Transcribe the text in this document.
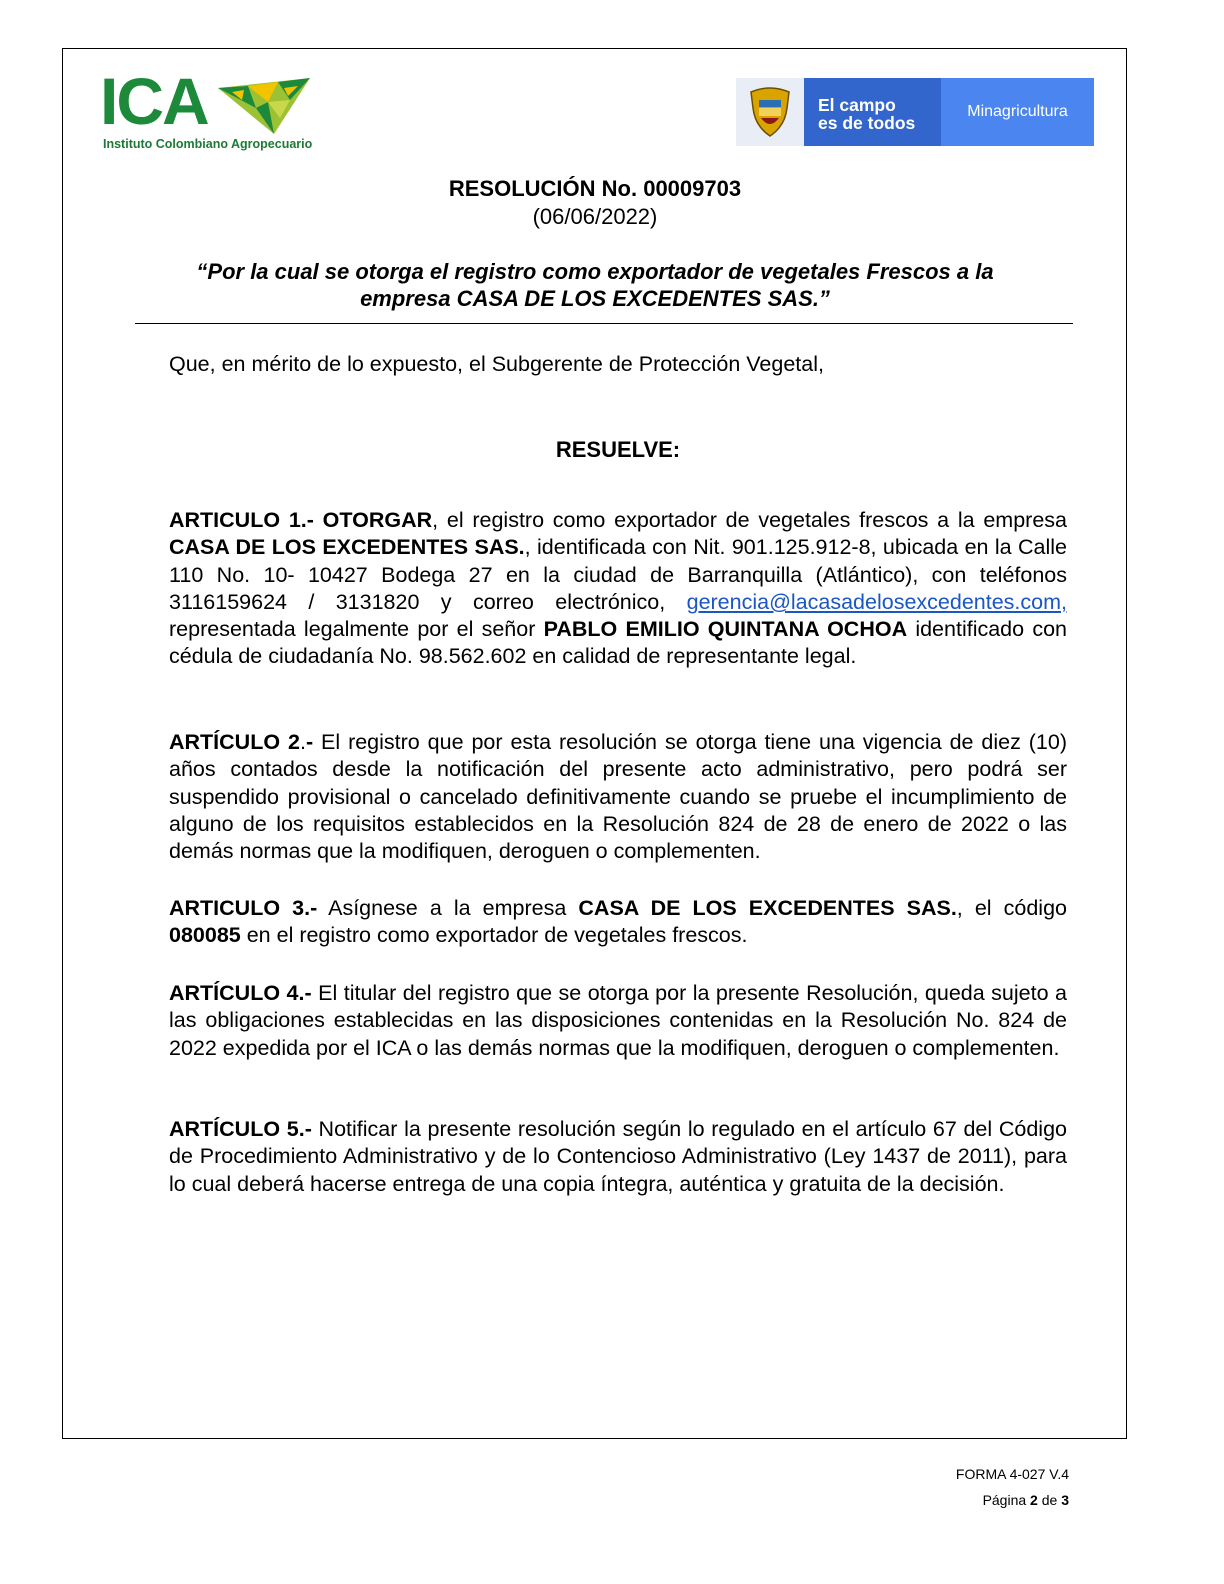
ICA
Instituto Colombiano Agropecuario
El campo
es de todos
Minagricultura
RESOLUCIÓN No. 00009703
(06/06/2022)
“Por la cual se otorga el registro como exportador de vegetales Frescos a la
empresa CASA DE LOS EXCEDENTES SAS.”
Que, en mérito de lo expuesto, el Subgerente de Protección Vegetal,
RESUELVE:
ARTICULO 1.- OTORGAR, el registro como exportador de vegetales frescos a la empresa CASA DE LOS EXCEDENTES SAS., identificada con Nit. 901.125.912-8, ubicada en la Calle 110 No. 10- 10427 Bodega 27 en la ciudad de Barranquilla (Atlántico), con teléfonos 3116159624 / 3131820 y correo electrónico, gerencia@lacasadelosexcedentes.com, representada legalmente por el señor PABLO EMILIO QUINTANA OCHOA identificado con cédula de ciudadanía No. 98.562.602 en calidad de representante legal.
ARTÍCULO 2.- El registro que por esta resolución se otorga tiene una vigencia de diez (10) años contados desde la notificación del presente acto administrativo, pero podrá ser suspendido provisional o cancelado definitivamente cuando se pruebe el incumplimiento de alguno de los requisitos establecidos en la Resolución 824 de 28 de enero de 2022 o las demás normas que la modifiquen, deroguen o complementen.
ARTICULO 3.- Asígnese a la empresa CASA DE LOS EXCEDENTES SAS., el código 080085 en el registro como exportador de vegetales frescos.
ARTÍCULO 4.- El titular del registro que se otorga por la presente Resolución, queda sujeto a las obligaciones establecidas en las disposiciones contenidas en la Resolución No. 824 de 2022 expedida por el ICA o las demás normas que la modifiquen, deroguen o complementen.
ARTÍCULO 5.- Notificar la presente resolución según lo regulado en el artículo 67 del Código de Procedimiento Administrativo y de lo Contencioso Administrativo (Ley 1437 de 2011), para lo cual deberá hacerse entrega de una copia íntegra, auténtica y gratuita de la decisión.
FORMA 4-027 V.4
Página 2 de 3
